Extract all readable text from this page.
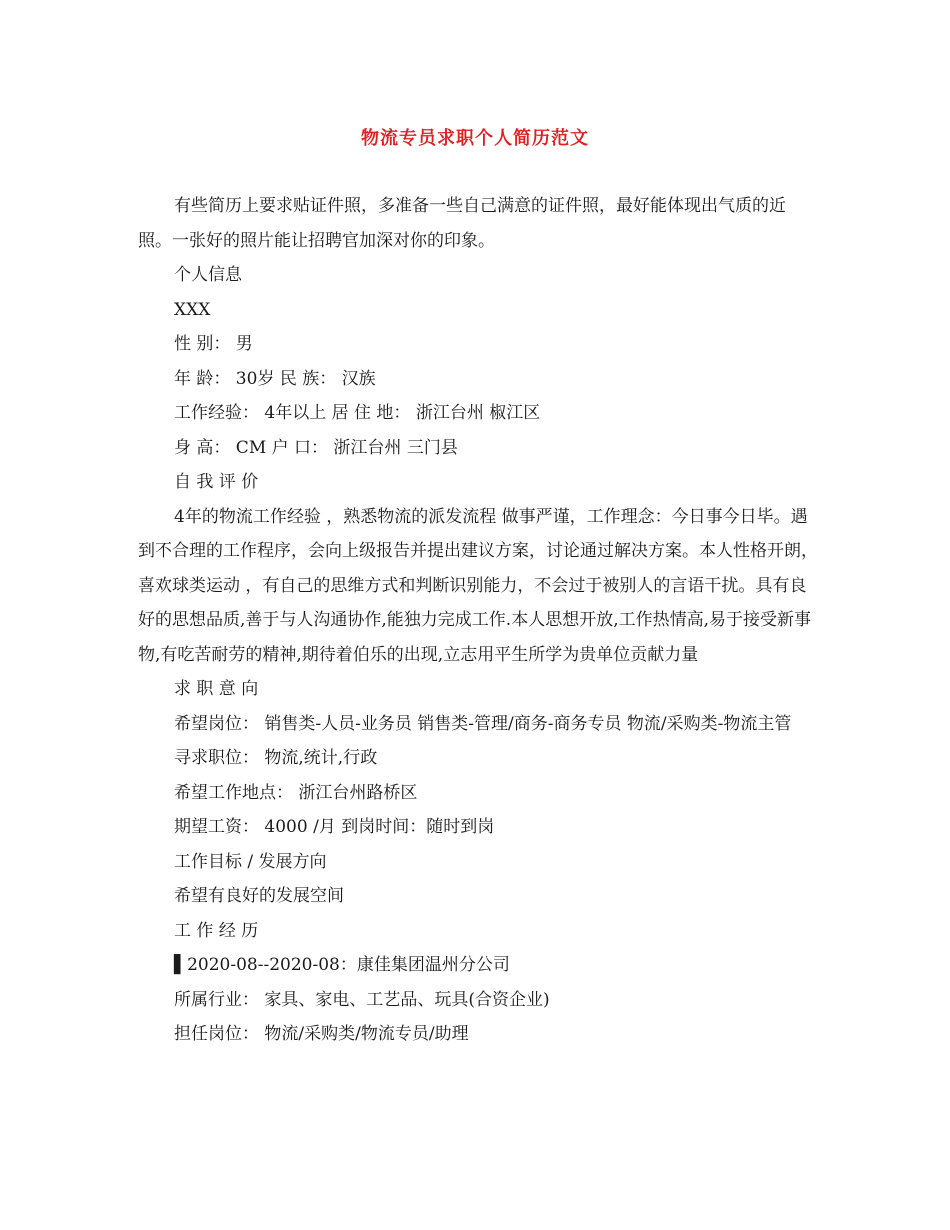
物流专员求职个人简历范文

有些简历上要求贴证件照，多准备一些自己满意的证件照，最好能体现出气质的近照。一张好的照片能让招聘官加深对你的印象。

个人信息

XXX

性 别： 男

年 龄： 30岁 民 族： 汉族

工作经验： 4年以上 居 住 地： 浙江台州 椒江区

身 高： CM 户 口： 浙江台州 三门县

自 我 评 价

4年的物流工作经验 ，熟悉物流的派发流程 做事严谨，工作理念：今日事今日毕。遇到不合理的工作程序，会向上级报告并提出建议方案，讨论通过解决方案。本人性格开朗，喜欢球类运动 ，有自己的思维方式和判断识别能力，不会过于被别人的言语干扰。具有良好的思想品质,善于与人沟通协作,能独力完成工作.本人思想开放,工作热情高,易于接受新事物,有吃苦耐劳的精神,期待着伯乐的出现,立志用平生所学为贵单位贡献力量

求 职 意 向

希望岗位： 销售类-人员-业务员 销售类-管理/商务-商务专员 物流/采购类-物流主管

寻求职位： 物流,统计,行政

希望工作地点： 浙江台州路桥区

期望工资： 4000 /月 到岗时间：随时到岗

工作目标 / 发展方向

希望有良好的发展空间

工 作 经 历

▌2020-08--2020-08：康佳集团温州分公司

所属行业： 家具、家电、工艺品、玩具(合资企业)

担任岗位： 物流/采购类/物流专员/助理
